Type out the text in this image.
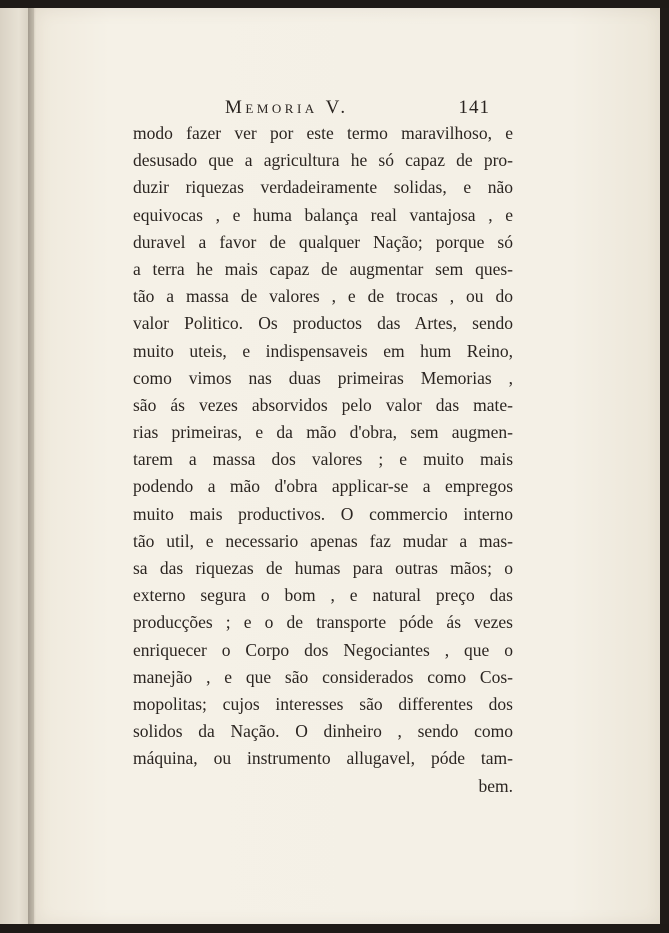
Memoria V.	141
modo fazer ver por este termo maravilhoso, e
desusado que a agricultura he só capaz de pro-
duzir riquezas verdadeiramente solidas, e não
equivocas , e huma balança real vantajosa , e
duravel a favor de qualquer Nação; porque só
a terra he mais capaz de augmentar sem ques-
tão a massa de valores , e de trocas , ou do
valor Politico. Os productos das Artes, sendo
muito uteis, e indispensaveis em hum Reino,
como vimos nas duas primeiras Memorias ,
são ás vezes absorvidos pelo valor das mate-
rias primeiras, e da mão d'obra, sem augmen-
tarem a massa dos valores ; e muito mais
podendo a mão d'obra applicar-se a empregos
muito mais productivos. O commercio interno
tão util, e necessario apenas faz mudar a mas-
sa das riquezas de humas para outras mãos; o
externo segura o bom , e natural preço das
producções ; e o de transporte póde ás vezes
enriquecer o Corpo dos Negociantes , que o
manejão , e que são considerados como Cos-
mopolitas; cujos interesses são differentes dos
solidos da Nação. O dinheiro , sendo como
máquina, ou instrumento allugavel, póde tam-
bem.
